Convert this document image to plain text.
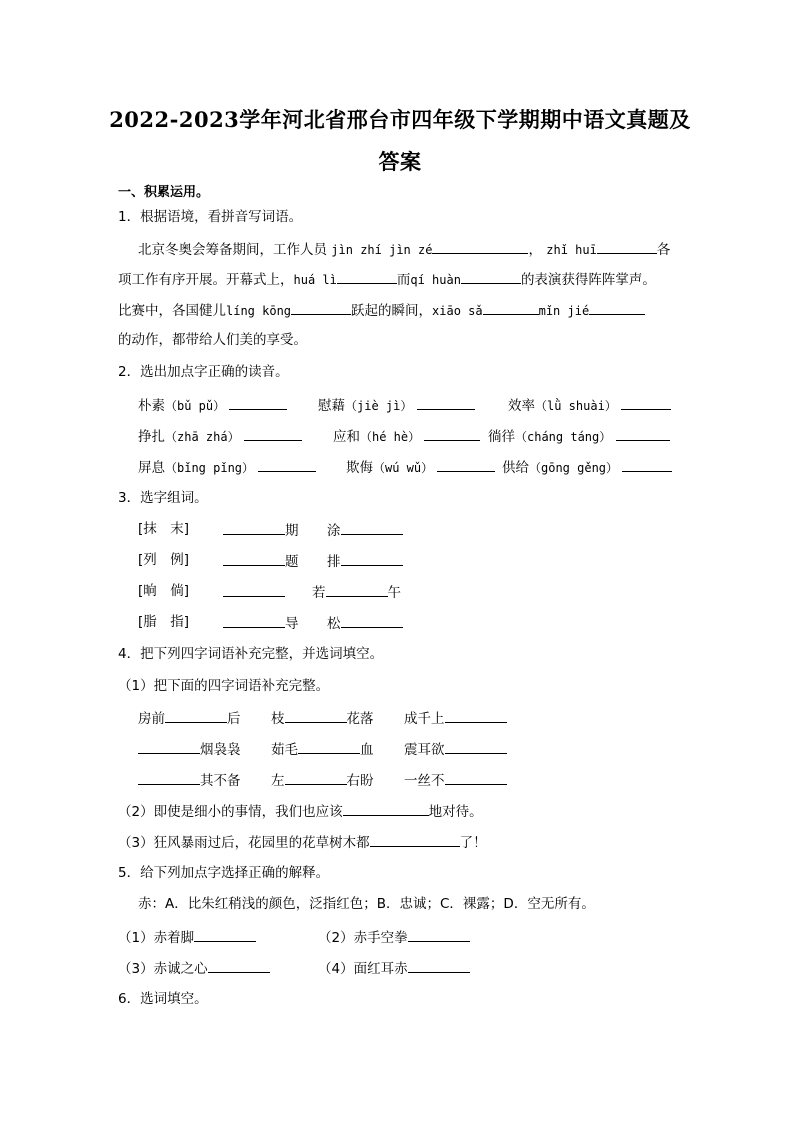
2022-2023学年河北省邢台市四年级下学期期中语文真题及
答案
一、积累运用。
1．根据语境，看拼音写词语。
北京冬奥会筹备期间，工作人员 jìn zhí jìn zé	， zhǐ huī	各
项工作有序开展。开幕式上，huá lì	而qí huàn	的表演获得阵阵掌声。
比赛中，各国健儿líng kōng	跃起的瞬间，xiāo sǎ	mǐn jié
的动作，都带给人们美的享受。
2．选出加点字正确的读音。
朴素（bǔ pǔ）	慰藉（jiè jì）	效率（lǜ shuài）
挣扎（zhā zhá）	应和（hé hè）	徜徉（cháng táng）
屏息（bǐng pǐng）	欺侮（wú wǔ）	供给（gōng gěng）
3．选字组词。
[抹　末]	期 涂
[列　例]	题 排
[晌　倘]	若	午
[脂　指]	导 松
4．把下列四字词语补充完整，并选词填空。
（1）把下面的四字词语补充完整。
房前	后 枝	花落 成千上
烟袅袅 茹毛	血 震耳欲
其不备 左	右盼 一丝不
（2）即使是细小的事情，我们也应该	地对待。
（3）狂风暴雨过后，花园里的花草树木都	了！
5．给下列加点字选择正确的解释。
赤：A．比朱红稍浅的颜色，泛指红色；B．忠诚；C．裸露；D．空无所有。
（1）赤着脚	（2）赤手空拳
（3）赤诚之心	（4）面红耳赤
6．选词填空。
